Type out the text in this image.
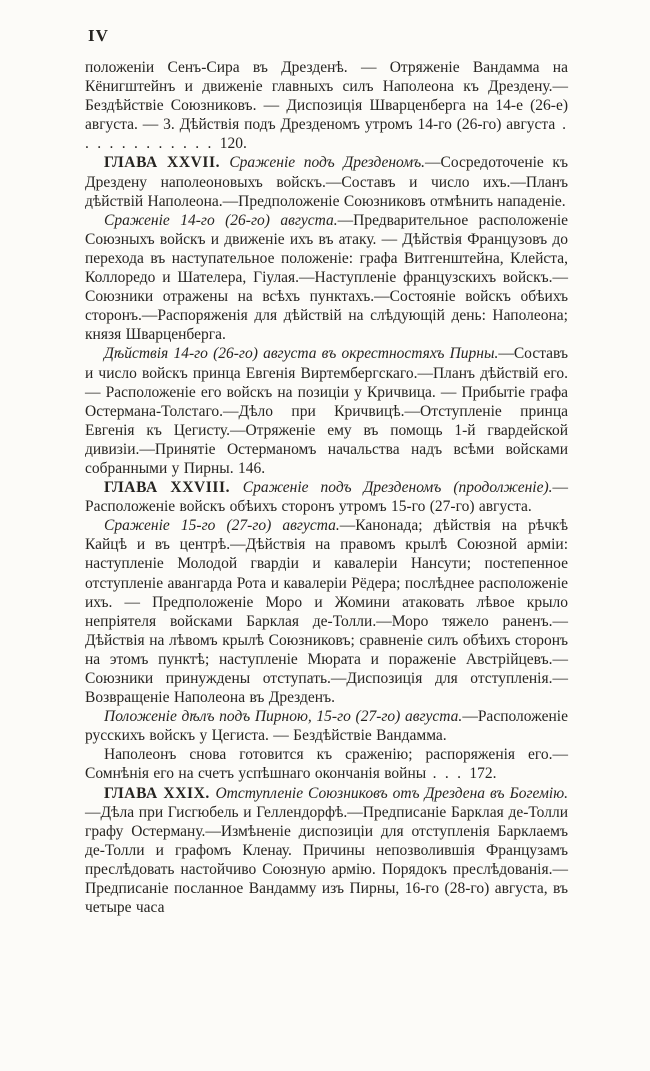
IV

положеніи Сенъ-Сира въ Дрезденѣ. — Отряженіе Вандамма на Кёнигштейнъ и движеніе главныхъ силъ Наполеона къ Дрездену.—Бездѣйствіе Союзниковъ. — Диспозиція Шварценберга на 14-е (26-е) августа. — 3. Дѣйствія подъ Дрезденомъ утромъ 14-го (26-го) августа . . . . . . . . . . . . 120.

ГЛАВА XXVII. Сраженіе подъ Дрезденомъ.—Сосредоточеніе къ Дрездену наполеоновыхъ войскъ.—Составъ и число ихъ.—Планъ дѣйствій Наполеона.—Предположеніе Союзниковъ отмѣнить нападеніе.

Сраженіе 14-го (26-го) августа.—Предварительное расположеніе Союзныхъ войскъ и движеніе ихъ въ атаку. — Дѣйствія Французовъ до перехода въ наступательное положеніе: графа Витгенштейна, Клейста, Коллоредо и Шателера, Гіулая.—Наступленіе французскихъ войскъ.—Союзники отражены на всѣхъ пунктахъ.—Состояніе войскъ обѣихъ сторонъ.—Распоряженія для дѣйствій на слѣдующій день: Наполеона; князя Шварценберга.

Дѣйствія 14-го (26-го) августа въ окрестностяхъ Пирны.—Составъ и число войскъ принца Евгенія Виртембергскаго.—Планъ дѣйствій его. — Расположеніе его войскъ на позиціи у Кричвица. — Прибытіе графа Остермана-Толстаго.—Дѣло при Кричвицѣ.—Отступленіе принца Евгенія къ Цегисту.—Отряженіе ему въ помощь 1-й гвардейской дивизіи.—Принятіе Остерманомъ начальства надъ всѣми войсками собранными у Пирны. 146.

ГЛАВА XXVIII. Сраженіе подъ Дрезденомъ (продолженіе).—Расположеніе войскъ обѣихъ сторонъ утромъ 15-го (27-го) августа.

Сраженіе 15-го (27-го) августа.—Канонада; дѣйствія на рѣчкѣ Кайцѣ и въ центрѣ.—Дѣйствія на правомъ крылѣ Союзной арміи: наступленіе Молодой гвардіи и кавалеріи Нансути; постепенное отступленіе авангарда Рота и кавалеріи Рёдера; послѣднее расположеніе ихъ. — Предположеніе Моро и Жомини атаковать лѣвое крыло непріятеля войсками Барклая де-Толли.—Моро тяжело раненъ.—Дѣйствія на лѣвомъ крылѣ Союзниковъ; сравненіе силъ обѣихъ сторонъ на этомъ пунктѣ; наступленіе Мюрата и пораженіе Австрійцевъ.—Союзники принуждены отступать.—Диспозиція для отступленія.—Возвращеніе Наполеона въ Дрезденъ.

Положеніе дѣлъ подъ Пирною, 15-го (27-го) августа.—Расположеніе русскихъ войскъ у Цегиста. — Бездѣйствіе Вандамма.

Наполеонъ снова готовится къ сраженію; распоряженія его.—Сомнѣнія его на счетъ успѣшнаго окончанія войны . . . 172.

ГЛАВА XXIX. Отступленіе Союзниковъ отъ Дрездена въ Богемію.—Дѣла при Гисгюбель и Геллендорфѣ.—Предписаніе Барклая де-Толли графу Остерману.—Измѣненіе диспозиціи для отступленія Барклаемъ де-Толли и графомъ Кленау. Причины непозволившія Французамъ преслѣдовать настойчиво Союзную армію. Порядокъ преслѣдованія.—Предписаніе посланное Вандамму изъ Пирны, 16-го (28-го) августа, въ четыре часа
